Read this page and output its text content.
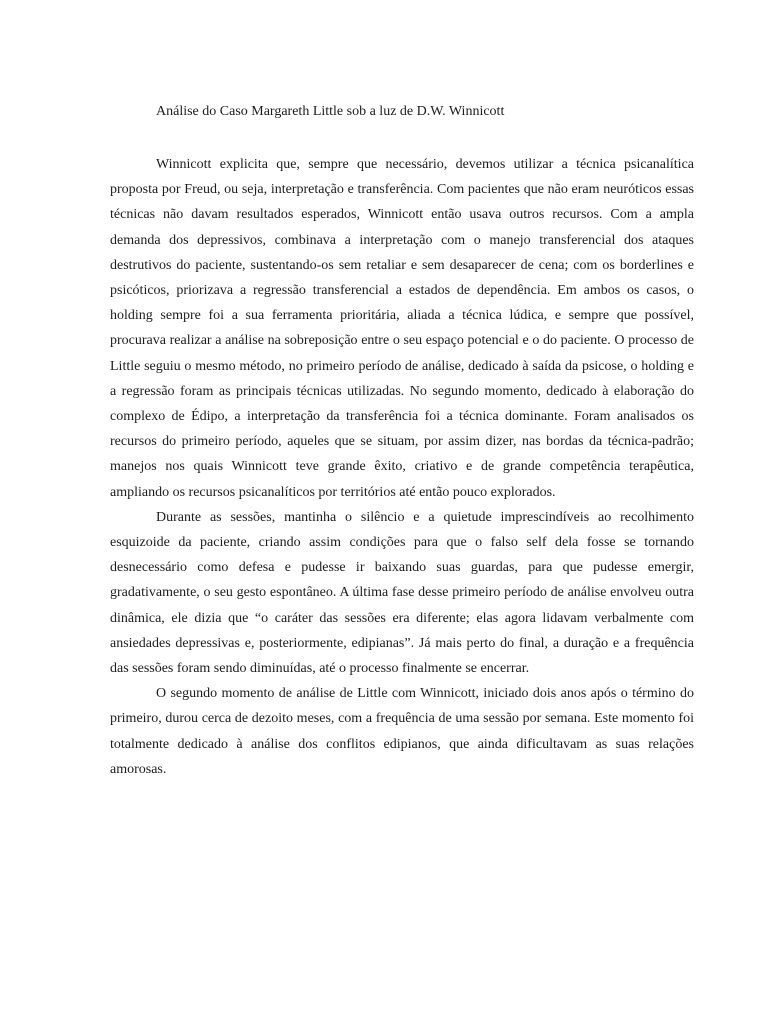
Análise do Caso Margareth Little sob a luz de D.W. Winnicott

Winnicott explicita que, sempre que necessário, devemos utilizar a técnica psicanalítica proposta por Freud, ou seja, interpretação e transferência. Com pacientes que não eram neuróticos essas técnicas não davam resultados esperados, Winnicott então usava outros recursos. Com a ampla demanda dos depressivos, combinava a interpretação com o manejo transferencial dos ataques destrutivos do paciente, sustentando-os sem retaliar e sem desaparecer de cena; com os borderlines e psicóticos, priorizava a regressão transferencial a estados de dependência. Em ambos os casos, o holding sempre foi a sua ferramenta prioritária, aliada a técnica lúdica, e sempre que possível, procurava realizar a análise na sobreposição entre o seu espaço potencial e o do paciente. O processo de Little seguiu o mesmo método, no primeiro período de análise, dedicado à saída da psicose, o holding e a regressão foram as principais técnicas utilizadas. No segundo momento, dedicado à elaboração do complexo de Édipo, a interpretação da transferência foi a técnica dominante. Foram analisados os recursos do primeiro período, aqueles que se situam, por assim dizer, nas bordas da técnica-padrão; manejos nos quais Winnicott teve grande êxito, criativo e de grande competência terapêutica, ampliando os recursos psicanalíticos por territórios até então pouco explorados.

Durante as sessões, mantinha o silêncio e a quietude imprescindíveis ao recolhimento esquizoide da paciente, criando assim condições para que o falso self dela fosse se tornando desnecessário como defesa e pudesse ir baixando suas guardas, para que pudesse emergir, gradativamente, o seu gesto espontâneo. A última fase desse primeiro período de análise envolveu outra dinâmica, ele dizia que “o caráter das sessões era diferente; elas agora lidavam verbalmente com ansiedades depressivas e, posteriormente, edipianas”. Já mais perto do final, a duração e a frequência das sessões foram sendo diminuídas, até o processo finalmente se encerrar.

O segundo momento de análise de Little com Winnicott, iniciado dois anos após o término do primeiro, durou cerca de dezoito meses, com a frequência de uma sessão por semana. Este momento foi totalmente dedicado à análise dos conflitos edipianos, que ainda dificultavam as suas relações amorosas.
